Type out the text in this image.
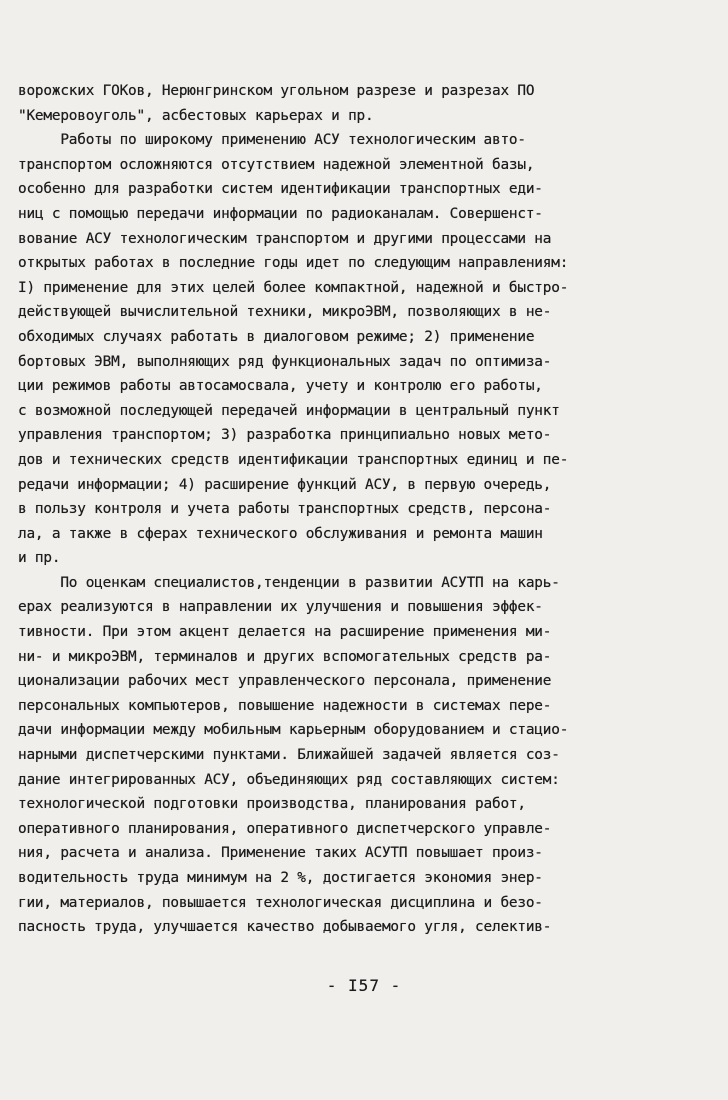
ворожских ГОКов, Нерюнгринском угольном разрезе и разрезах ПО
"Кемеровоуголь", асбестовых карьерах и пр.
Работы по широкому применению АСУ технологическим авто-
транспортом осложняются отсутствием надежной элементной базы,
особенно для разработки систем идентификации транспортных еди-
ниц с помощью передачи информации по радиоканалам. Совершенст-
вование АСУ технологическим транспортом и другими процессами на
открытых работах в последние годы идет по следующим направлениям:
I) применение для этих целей более компактной, надежной и быстро-
действующей вычислительной техники, микроЭВМ, позволяющих в не-
обходимых случаях работать в диалоговом режиме; 2) применение
бортовых ЭВМ, выполняющих ряд функциональных задач по оптимиза-
ции режимов работы автосамосвала, учету и контролю его работы,
с возможной последующей передачей информации в центральный пункт
управления транспортом; 3) разработка принципиально новых мето-
дов и технических средств идентификации транспортных единиц и пе-
редачи информации; 4) расширение функций АСУ, в первую очередь,
в пользу контроля и учета работы транспортных средств, персона-
ла, а также в сферах технического обслуживания и ремонта машин
и пр.
По оценкам специалистов,тенденции в развитии АСУТП на карь-
ерах реализуются в направлении их улучшения и повышения эффек-
тивности. При этом акцент делается на расширение применения ми-
ни- и микроЭВМ, терминалов и других вспомогательных средств ра-
ционализации рабочих мест управленческого персонала, применение
персональных компьютеров, повышение надежности в системах пере-
дачи информации между мобильным карьерным оборудованием и стацио-
нарными диспетчерскими пунктами. Ближайшей задачей является соз-
дание интегрированных АСУ, объединяющих ряд составляющих систем:
технологической подготовки производства, планирования работ,
оперативного планирования, оперативного диспетчерского управле-
ния, расчета и анализа. Применение таких АСУТП повышает произ-
водительность труда минимум на 2 %, достигается экономия энер-
гии, материалов, повышается технологическая дисциплина и безо-
пасность труда, улучшается качество добываемого угля, селектив-
- I57 -
